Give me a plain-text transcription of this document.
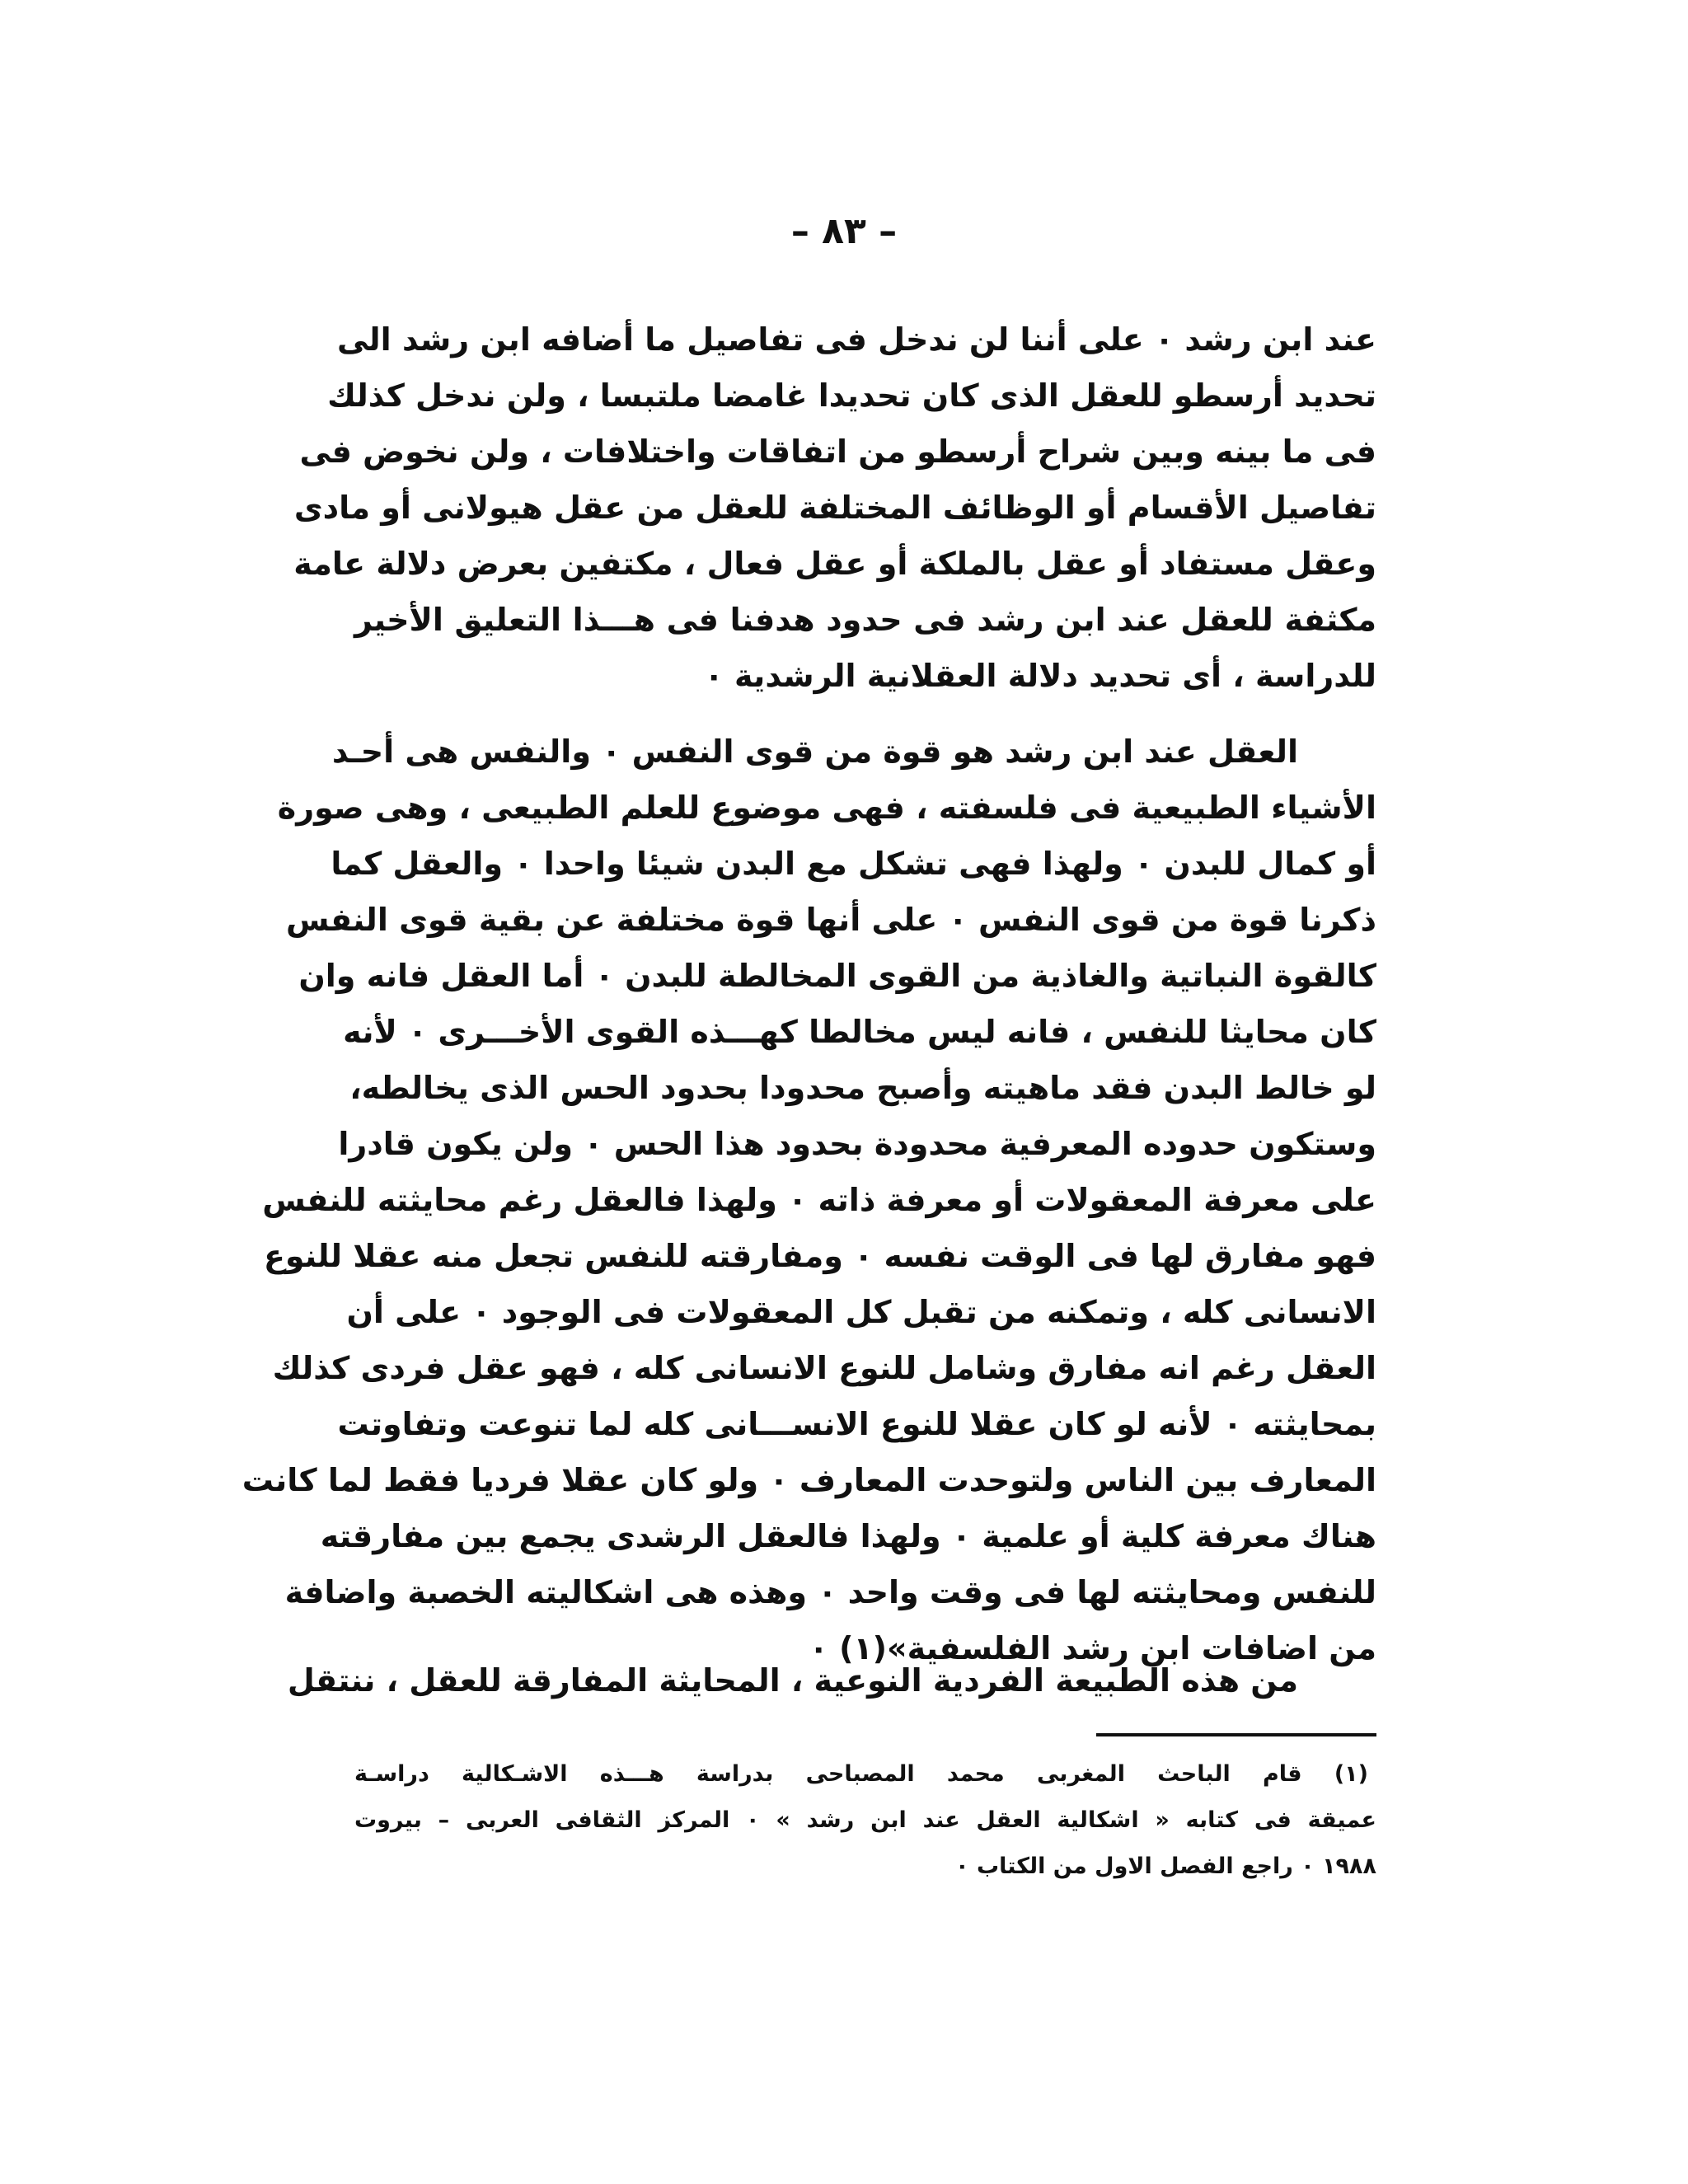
– ٨٣ –
عند ابن رشد ٠ على أننا لن ندخل فى تفاصيل ما أضافه ابن رشد الى
تحديد أرسطو للعقل الذى كان تحديدا غامضا ملتبسا ، ولن ندخل كذلك
فى ما بينه وبين شراح أرسطو من اتفاقات واختلافات ، ولن نخوض فى
تفاصيل الأقسام أو الوظائف المختلفة للعقل من عقل هيولانى أو مادى
وعقل مستفاد أو عقل بالملكة أو عقل فعال ، مكتفين بعرض دلالة عامة
مكثفة للعقل عند ابن رشد فى حدود هدفنا فى هـــذا التعليق الأخير
للدراسة ، أى تحديد دلالة العقلانية الرشدية ٠
العقل عند ابن رشد هو قوة من قوى النفس ٠ والنفس هى أحـد
الأشياء الطبيعية فى فلسفته ، فهى موضوع للعلم الطبيعى ، وهى صورة
أو كمال للبدن ٠ ولهذا فهى تشكل مع البدن شيئا واحدا ٠ والعقل كما
ذكرنا قوة من قوى النفس ٠ على أنها قوة مختلفة عن بقية قوى النفس
كالقوة النباتية والغاذية من القوى المخالطة للبدن ٠ أما العقل فانه وان
كان محايثا للنفس ، فانه ليس مخالطا كهـــذه القوى الأخـــرى ٠ لأنه
لو خالط البدن فقد ماهيته وأصبح محدودا بحدود الحس الذى يخالطه،
وستكون حدوده المعرفية محدودة بحدود هذا الحس ٠ ولن يكون قادرا
على معرفة المعقولات أو معرفة ذاته ٠ ولهذا فالعقل رغم محايثته للنفس
فهو مفارق لها فى الوقت نفسه ٠ ومفارقته للنفس تجعل منه عقلا للنوع
الانسانى كله ، وتمكنه من تقبل كل المعقولات فى الوجود ٠ على أن
العقل رغم انه مفارق وشامل للنوع الانسانى كله ، فهو عقل فردى كذلك
بمحايثته ٠ لأنه لو كان عقلا للنوع الانســـانى كله لما تنوعت وتفاوتت
المعارف بين الناس ولتوحدت المعارف ٠ ولو كان عقلا فرديا فقط لما كانت
هناك معرفة كلية أو علمية ٠ ولهذا فالعقل الرشدى يجمع بين مفارقته
للنفس ومحايثته لها فى وقت واحد ٠ وهذه هى اشكاليته الخصبة واضافة
من اضافات ابن رشد الفلسفية»(١) ٠
من هذه الطبيعة الفردية النوعية ، المحايثة المفارقة للعقل ، ننتقل
(١) قام الباحث المغربى محمد المصباحى بدراسة هـــذه الاشـكالية دراسـة
عميقة فى كتابه « اشكالية العقل عند ابن رشد » ٠ المركز الثقافى العربى – بيروت
١٩٨٨ ٠ راجع الفصل الاول من الكتاب ٠
